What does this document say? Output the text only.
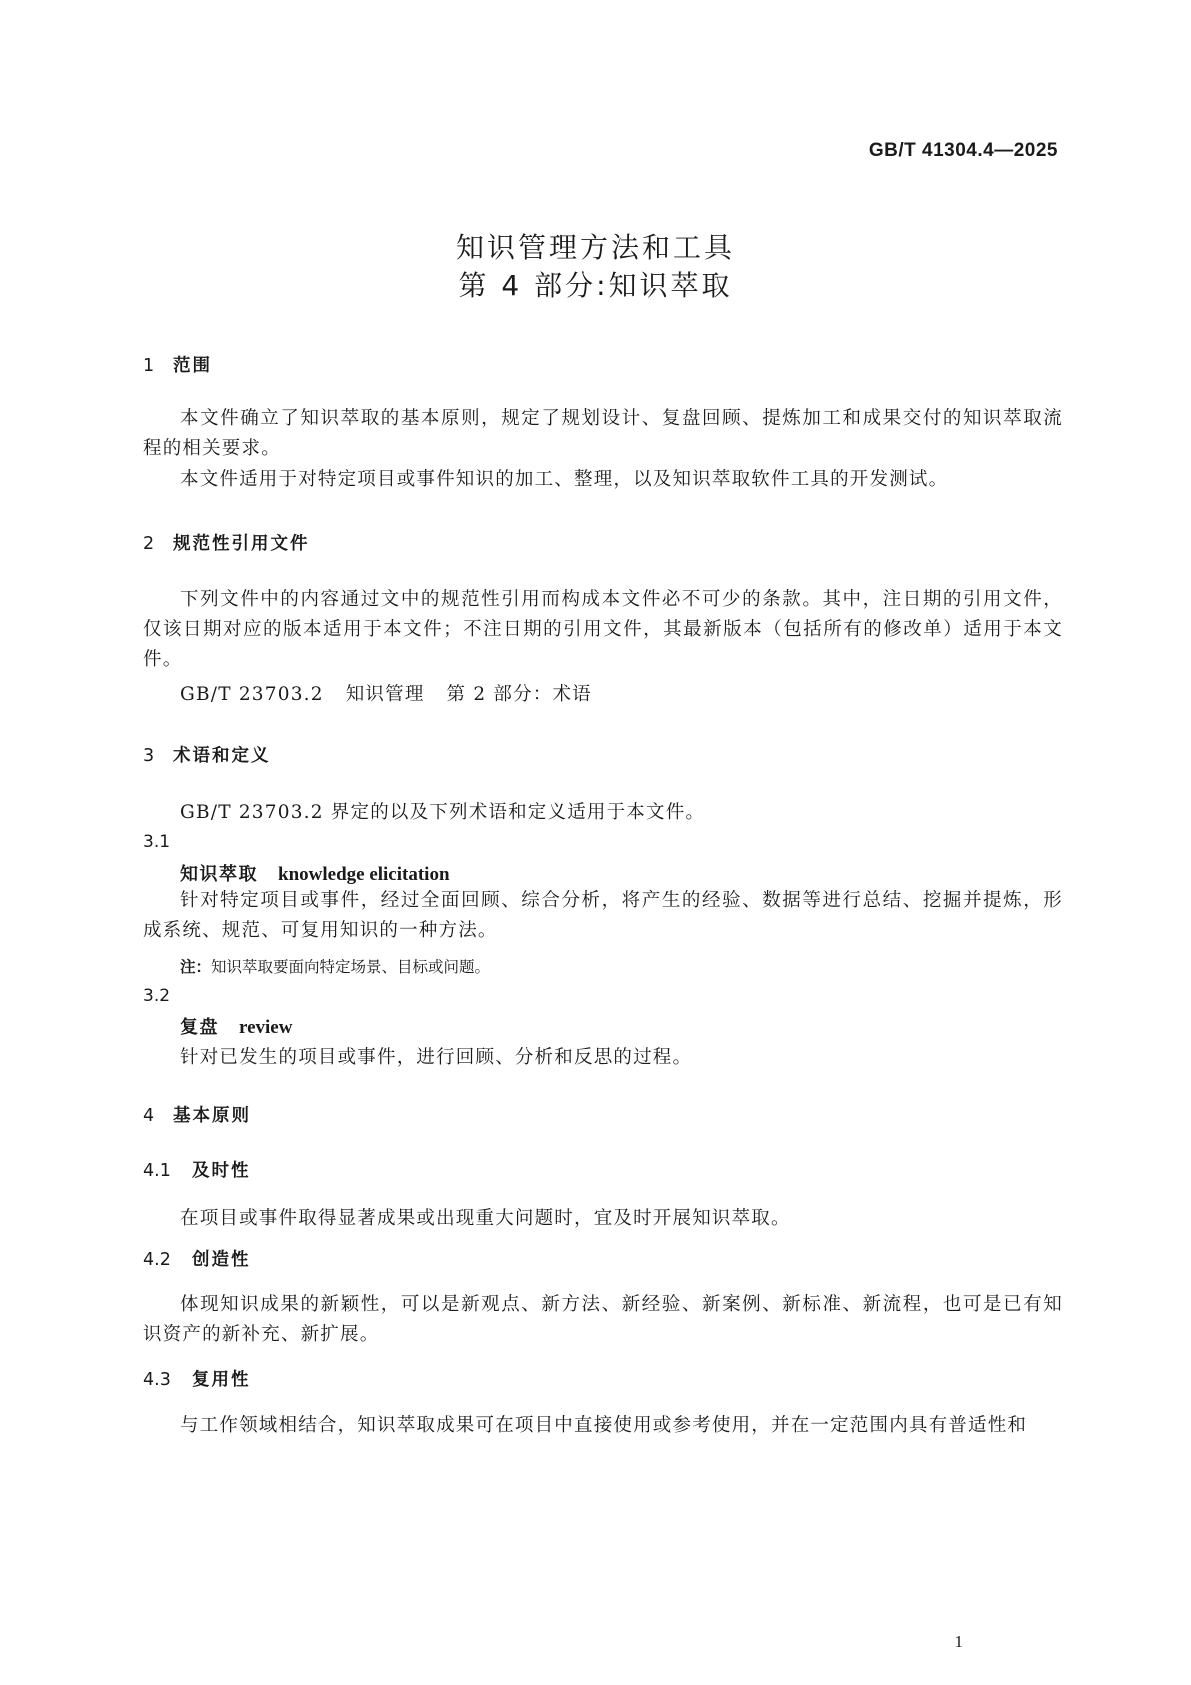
GB/T 41304.4—2025
知识管理方法和工具
第 4 部分:知识萃取
1 范围
本文件确立了知识萃取的基本原则，规定了规划设计、复盘回顾、提炼加工和成果交付的知识萃取流程的相关要求。
本文件适用于对特定项目或事件知识的加工、整理，以及知识萃取软件工具的开发测试。
2 规范性引用文件
下列文件中的内容通过文中的规范性引用而构成本文件必不可少的条款。其中，注日期的引用文件，仅该日期对应的版本适用于本文件；不注日期的引用文件，其最新版本（包括所有的修改单）适用于本文件。
GB/T 23703.2 知识管理 第 2 部分：术语
3 术语和定义
GB/T 23703.2 界定的以及下列术语和定义适用于本文件。
3.1
知识萃取 knowledge elicitation
针对特定项目或事件，经过全面回顾、综合分析，将产生的经验、数据等进行总结、挖掘并提炼，形成系统、规范、可复用知识的一种方法。
注：知识萃取要面向特定场景、目标或问题。
3.2
复盘 review
针对已发生的项目或事件，进行回顾、分析和反思的过程。
4 基本原则
4.1 及时性
在项目或事件取得显著成果或出现重大问题时，宜及时开展知识萃取。
4.2 创造性
体现知识成果的新颖性，可以是新观点、新方法、新经验、新案例、新标准、新流程，也可是已有知识资产的新补充、新扩展。
4.3 复用性
与工作领域相结合，知识萃取成果可在项目中直接使用或参考使用，并在一定范围内具有普适性和
1
